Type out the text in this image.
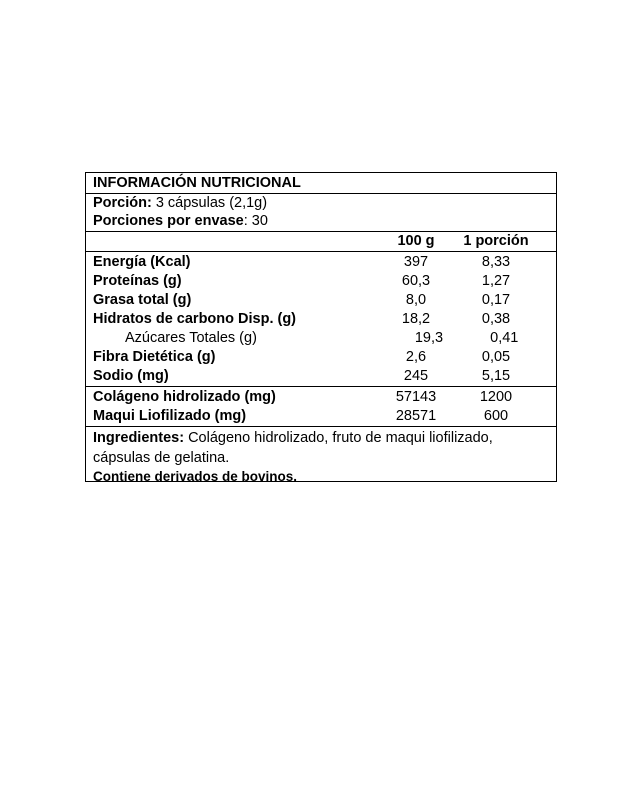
INFORMACIÓN NUTRICIONAL
Porción: 3 cápsulas (2,1g)
Porciones por envase : 30
100 g	1 porción
Energía (Kcal)	397	8,33
Proteínas (g)	60,3	1,27
Grasa total (g)	8,0	0,17
Hidratos de carbono Disp. (g)	18,2	0,38
Azúcares Totales (g)	19,3	0,41
Fibra Dietética (g)	2,6	0,05
Sodio (mg)	245	5,15
Colágeno hidrolizado (mg)	57143	1200
Maqui Liofilizado (mg)	28571	600
Ingredientes: Colágeno hidrolizado, fruto de maqui liofilizado, cápsulas de gelatina.
Contiene derivados de bovinos.
